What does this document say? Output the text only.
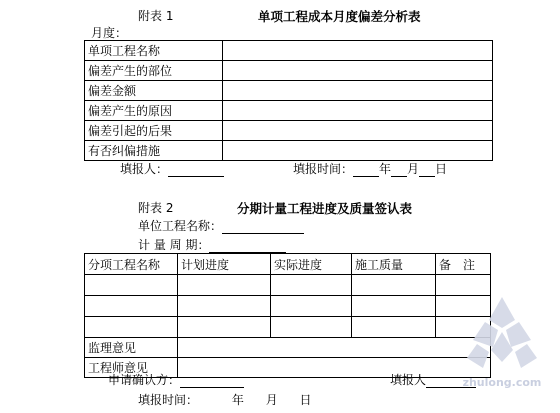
附表 1	单项工程成本月度偏差分析表
月度：
单项工程名称	
偏差产生的部位	
偏差金额	
偏差产生的原因	
偏差引起的后果	
有否纠偏措施	
填报人：	填报时间： 年 月 日
附表 2	分期计量工程进度及质量签认表
单位工程名称：
计 量 周 期：
分项工程名称	计划进度	实际进度	施工质量	备　注

监理意见				
工程师意见				
申请确认方：	填报人
填报时间：	年 月 日
zhulong.com
